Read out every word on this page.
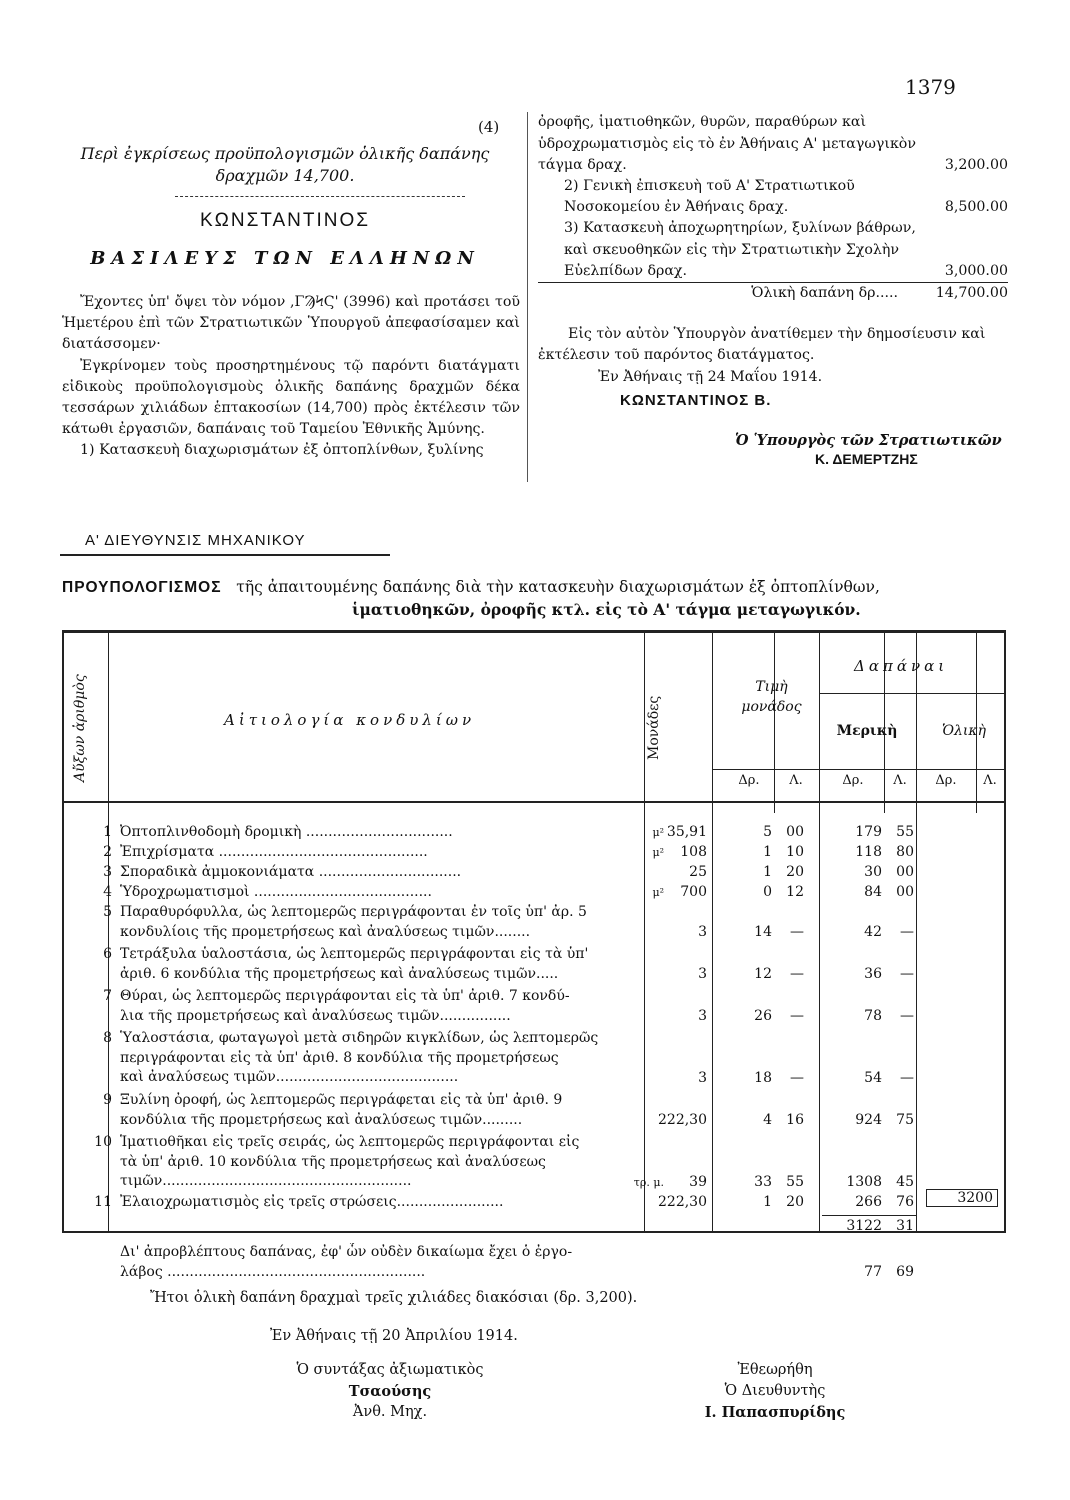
1379
(4)
Περὶ ἐγκρίσεως προϋπολογισμῶν ὁλικῆς δαπάνης
δραχμῶν 14,700.
ΚΩΝΣΤΑΝΤΙΝΟΣ
ΒΑΣΙΛΕΥΣ ΤΩΝ ΕΛΛΗΝΩΝ

Ἔχοντες ὑπ' ὄψει τὸν νόμον ,ΓϠϞϚ' (3996) καὶ προτάσει τοῦ Ἡμετέρου ἐπὶ τῶν Στρατιωτικῶν Ὑπουργοῦ ἀπεφασίσαμεν καὶ διατάσσομεν·

Ἐγκρίνομεν τοὺς προσηρτημένους τῷ παρόντι διατάγματι εἰδικοὺς προϋπολογισμοὺς ὁλικῆς δαπάνης δραχμῶν δέκα τεσσάρων χιλιάδων ἑπτακοσίων (14,700) πρὸς ἐκτέλεσιν τῶν κάτωθι ἐργασιῶν, δαπάναις τοῦ Ταμείου Ἐθνικῆς Ἀμύνης.

1) Κατασκευὴ διαχωρισμάτων ἐξ ὀπτοπλίνθων, ξυλίνης

ὀροφῆς, ἱματιοθηκῶν, θυρῶν, παραθύρων καὶ ὑδροχρωματισμὸς εἰς τὸ ἐν Ἀθήναις Α' μεταγωγικὸν τάγμα δραχ.	3,200.00
2) Γενικὴ ἐπισκευὴ τοῦ Α' Στρατιωτικοῦ Νοσοκομείου ἐν Ἀθήναις δραχ.	8,500.00
3) Κατασκευὴ ἀποχωρητηρίων, ξυλίνων βάθρων, καὶ σκευοθηκῶν εἰς τὴν Στρατιωτικὴν Σχολὴν Εὐελπίδων δραχ.	3,000.00
Ὁλικὴ δαπάνη δρ.....	14,700.00

Εἰς τὸν αὐτὸν Ὑπουργὸν ἀνατίθεμεν τὴν δημοσίευσιν καὶ ἐκτέλεσιν τοῦ παρόντος διατάγματος.

Ἐν Ἀθήναις τῇ 24 Μαΐου 1914.

ΚΩΝΣΤΑΝΤΙΝΟΣ Β.
Ὁ Ὑπουργὸς τῶν Στρατιωτικῶν
Κ. ΔΕΜΕΡΤΖΗΣ
Α' ΔΙΕΥΘΥΝΣΙΣ ΜΗΧΑΝΙΚΟΥ
ΠΡΟΥΠΟΛΟΓΙΣΜΟΣ τῆς ἀπαιτουμένης δαπάνης διὰ τὴν κατασκευὴν διαχωρισμάτων ἐξ ὀπτοπλίνθων,
ἱματιοθηκῶν, ὀροφῆς κτλ. εἰς τὸ Α' τάγμα μεταγωγικόν.
Αὔξων ἀριθμὸς	Αἰτιολογία κονδυλίων	Μονάδες
Τιμὴ μονάδος
Δαπάναι
Μερικὴ	Ὁλικὴ
Δρ.	Λ.	Δρ.	Λ.	Δρ.	Λ.
1 Ὀπτοπλινθοδομὴ δρομικὴ .................................	μ² 35,91	5	00	179	55
2 Ἐπιχρίσματα ...............................................	μ²	108	1	10	118	80
3 Σποραδικὰ ἀμμοκονιάματα ................................	25	1	20	30	00
4 Ὑδροχρωματισμοὶ ........................................	μ²	700	0	12	84	00
5 Παραθυρόφυλλα, ὡς λεπτομερῶς περιγράφονται ἐν τοῖς ὑπ' ἀρ. 5
κονδυλίοις τῆς προμετρήσεως καὶ ἀναλύσεως τιμῶν........	3	14	—	42	—
6 Τετράξυλα ὑαλοστάσια, ὡς λεπτομερῶς περιγράφονται εἰς τὰ ὑπ'
ἀριθ. 6 κονδύλια τῆς προμετρήσεως καὶ ἀναλύσεως τιμῶν.....	3	12	—	36	—
7 Θύραι, ὡς λεπτομερῶς περιγράφονται εἰς τὰ ὑπ' ἀριθ. 7 κονδύ-
λια τῆς προμετρήσεως καὶ ἀναλύσεως τιμῶν................	3	26	—	78	—
8 Ὑαλοστάσια, φωταγωγοὶ μετὰ σιδηρῶν κιγκλίδων, ὡς λεπτομερῶς
περιγράφονται εἰς τὰ ὑπ' ἀριθ. 8 κονδύλια τῆς προμετρήσεως
καὶ ἀναλύσεως τιμῶν.........................................	3	18	—	54	—
9 Ξυλίνη ὀροφή, ὡς λεπτομερῶς περιγράφεται εἰς τὰ ὑπ' ἀριθ. 9
κονδύλια τῆς προμετρήσεως καὶ ἀναλύσεως τιμῶν.........	222,30	4	16	924	75
10 Ἱματιοθῆκαι εἰς τρεῖς σειράς, ὡς λεπτομερῶς περιγράφονται εἰς
τὰ ὑπ' ἀριθ. 10 κονδύλια τῆς προμετρήσεως καὶ ἀναλύσεως
τιμῶν........................................................	τρ. μ.	39	33	55	1308	45
11 Ἐλαιοχρωματισμὸς εἰς τρεῖς στρώσεις........................	222,30	1	20	266	76
3122	31
Δι' ἀπροβλέπτους δαπάνας, ἐφ' ὧν οὐδὲν δικαίωμα ἔχει ὁ ἐργο-
λάβος ..........................................................	77	69
3200
Ἤτοι ὁλικὴ δαπάνη δραχμαὶ τρεῖς χιλιάδες διακόσιαι (δρ. 3,200).
Ἐν Ἀθήναις τῇ 20 Ἀπριλίου 1914.
Ὁ συντάξας ἀξιωματικὸς
Τσαούσης
Ἀνθ. Μηχ.
Ἐθεωρήθη
Ὁ Διευθυντὴς
Ι. Παπασπυρίδης
